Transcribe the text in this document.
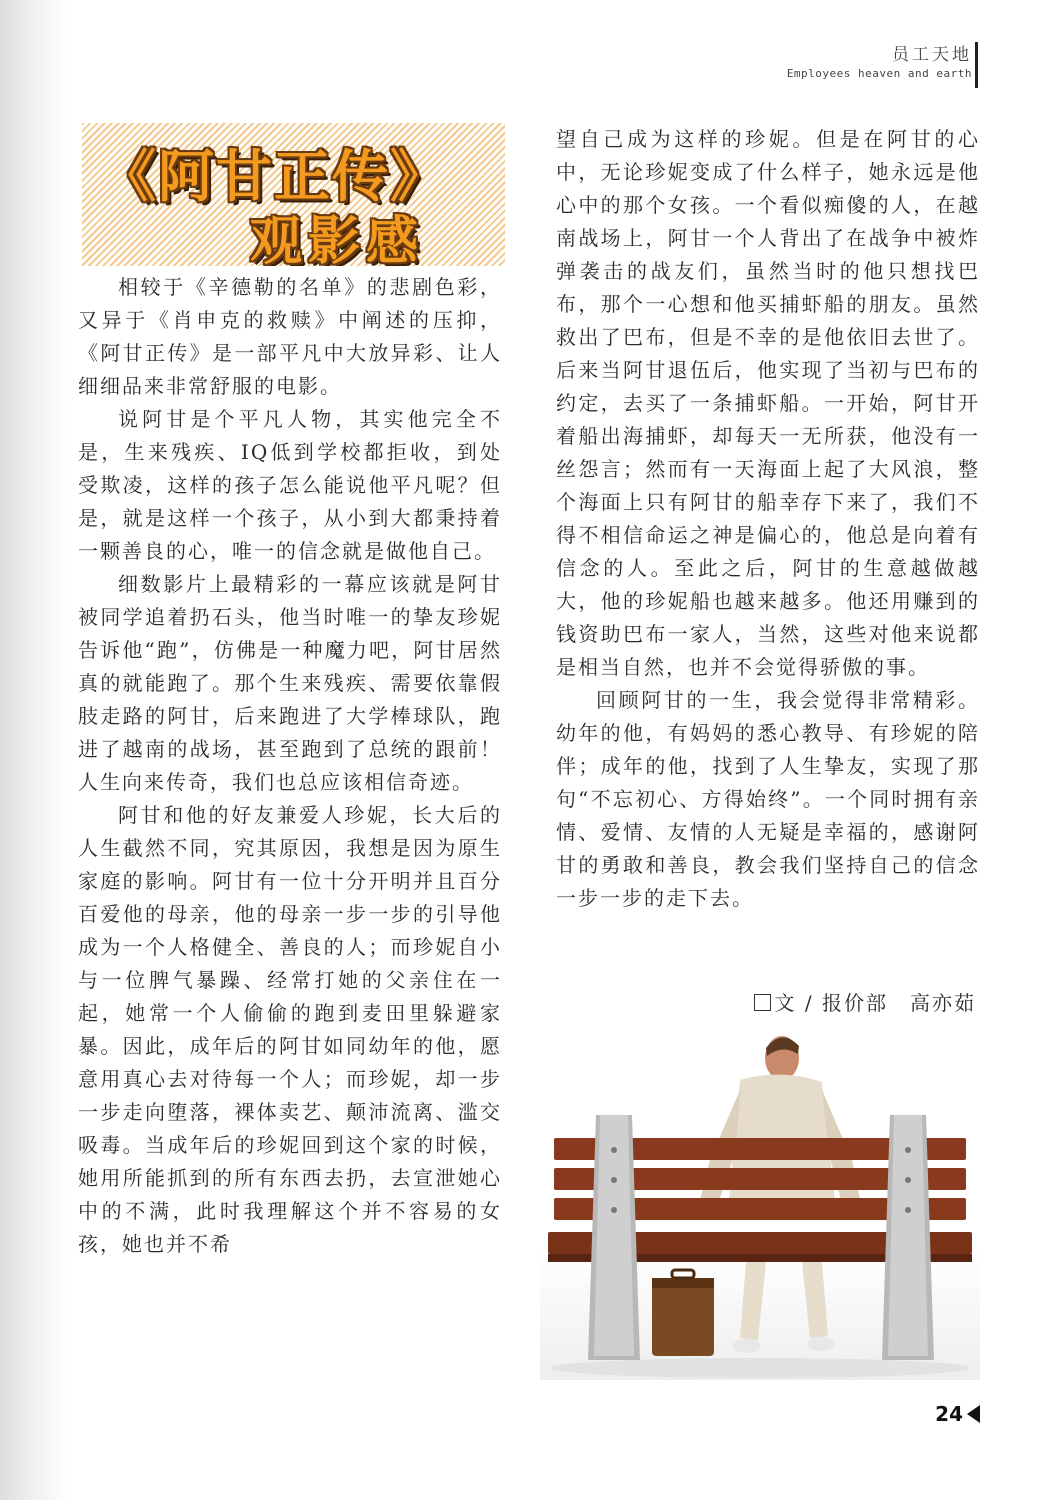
员工天地
Employees heaven and earth
《阿甘正传》
观影感

相较于《辛德勒的名单》的悲剧色彩，又异于《肖申克的救赎》中阐述的压抑，《阿甘正传》是一部平凡中大放异彩、让人细细品来非常舒服的电影。

说阿甘是个平凡人物，其实他完全不是，生来残疾、IQ低到学校都拒收，到处受欺凌，这样的孩子怎么能说他平凡呢？但是，就是这样一个孩子，从小到大都秉持着一颗善良的心，唯一的信念就是做他自己。

细数影片上最精彩的一幕应该就是阿甘被同学追着扔石头，他当时唯一的挚友珍妮告诉他“跑”，仿佛是一种魔力吧，阿甘居然真的就能跑了。那个生来残疾、需要依靠假肢走路的阿甘，后来跑进了大学棒球队，跑进了越南的战场，甚至跑到了总统的跟前！人生向来传奇，我们也总应该相信奇迹。

阿甘和他的好友兼爱人珍妮，长大后的人生截然不同，究其原因，我想是因为原生家庭的影响。阿甘有一位十分开明并且百分百爱他的母亲，他的母亲一步一步的引导他成为一个人格健全、善良的人；而珍妮自小与一位脾气暴躁、经常打她的父亲住在一起，她常一个人偷偷的跑到麦田里躲避家暴。因此，成年后的阿甘如同幼年的他，愿意用真心去对待每一个人；而珍妮，却一步一步走向堕落，裸体卖艺、颠沛流离、滥交吸毒。当成年后的珍妮回到这个家的时候，她用所能抓到的所有东西去扔，去宣泄她心中的不满，此时我理解这个并不容易的女孩，她也并不希

望自己成为这样的珍妮。但是在阿甘的心中，无论珍妮变成了什么样子，她永远是他心中的那个女孩。一个看似痴傻的人，在越南战场上，阿甘一个人背出了在战争中被炸弹袭击的战友们，虽然当时的他只想找巴布，那个一心想和他买捕虾船的朋友。虽然救出了巴布，但是不幸的是他依旧去世了。后来当阿甘退伍后，他实现了当初与巴布的约定，去买了一条捕虾船。一开始，阿甘开着船出海捕虾，却每天一无所获，他没有一丝怨言；然而有一天海面上起了大风浪，整个海面上只有阿甘的船幸存下来了，我们不得不相信命运之神是偏心的，他总是向着有信念的人。至此之后，阿甘的生意越做越大，他的珍妮船也越来越多。他还用赚到的钱资助巴布一家人，当然，这些对他来说都是相当自然，也并不会觉得骄傲的事。

回顾阿甘的一生，我会觉得非常精彩。幼年的他，有妈妈的悉心教导、有珍妮的陪伴；成年的他，找到了人生挚友，实现了那句“不忘初心、方得始终”。一个同时拥有亲情、爱情、友情的人无疑是幸福的，感谢阿甘的勇敢和善良，教会我们坚持自己的信念一步一步的走下去。

文 / 报价部　高亦茹
24
